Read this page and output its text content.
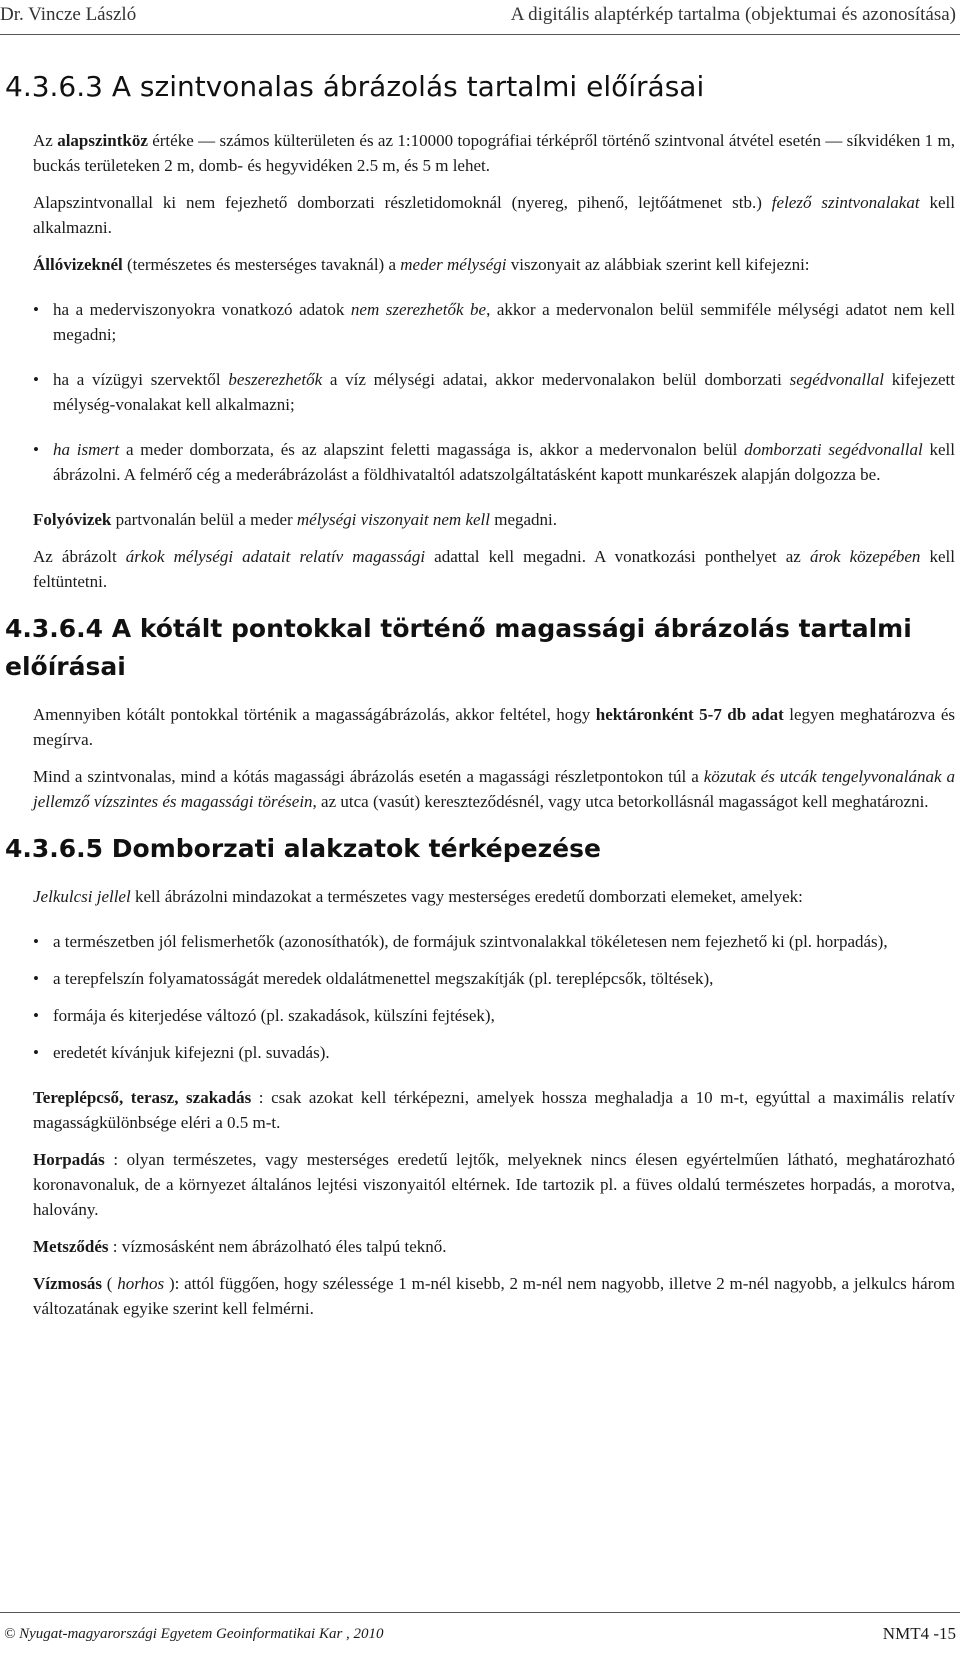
Dr. Vincze László	A digitális alaptérkép tartalma (objektumai és azonosítása)
4.3.6.3 A szintvonalas ábrázolás tartalmi előírásai

Az alapszintköz értéke — számos külterületen és az 1:10000 topográfiai térképről történő szintvonal átvétel esetén — síkvidéken 1 m, buckás területeken 2 m, domb- és hegyvidéken 2.5 m, és 5 m lehet.

Alapszintvonallal ki nem fejezhető domborzati részletidomoknál (nyereg, pihenő, lejtőátmenet stb.) felező szintvonalakat kell alkalmazni.

Állóvizeknél (természetes és mesterséges tavaknál) a meder mélységi viszonyait az alábbiak szerint kell kifejezni:

• ha a mederviszonyokra vonatkozó adatok nem szerezhetők be, akkor a medervonalon belül semmiféle mélységi adatot nem kell megadni;
• ha a vízügyi szervektől beszerezhetők a víz mélységi adatai, akkor medervonalakon belül domborzati segédvonallal kifejezett mélység-vonalakat kell alkalmazni;
• ha ismert a meder domborzata, és az alapszint feletti magassága is, akkor a medervonalon belül domborzati segédvonallal kell ábrázolni. A felmérő cég a mederábrázolást a földhivataltól adatszolgáltatásként kapott munkarészek alapján dolgozza be.

Folyóvizek partvonalán belül a meder mélységi viszonyait nem kell megadni.

Az ábrázolt árkok mélységi adatait relatív magassági adattal kell megadni. A vonatkozási ponthelyet az árok közepében kell feltüntetni.

4.3.6.4 A kótált pontokkal történő magassági ábrázolás tartalmi előírásai

Amennyiben kótált pontokkal történik a magasságábrázolás, akkor feltétel, hogy hektáronként 5-7 db adat legyen meghatározva és megírva.

Mind a szintvonalas, mind a kótás magassági ábrázolás esetén a magassági részletpontokon túl a közutak és utcák tengelyvonalának a jellemző vízszintes és magassági törésein, az utca (vasút) kereszteződésnél, vagy utca betorkollásnál magasságot kell meghatározni.

4.3.6.5 Domborzati alakzatok térképezése

Jelkulcsi jellel kell ábrázolni mindazokat a természetes vagy mesterséges eredetű domborzati elemeket, amelyek:

• a természetben jól felismerhetők (azonosíthatók), de formájuk szintvonalakkal tökéletesen nem fejezhető ki (pl. horpadás),
• a terepfelszín folyamatosságát meredek oldalátmenettel megszakítják (pl. tereplépcsők, töltések),
• formája és kiterjedése változó (pl. szakadások, külszíni fejtések),
• eredetét kívánjuk kifejezni (pl. suvadás).

Tereplépcső, terasz, szakadás : csak azokat kell térképezni, amelyek hossza meghaladja a 10 m-t, egyúttal a maximális relatív magasságkülönbsége eléri a 0.5 m-t.

Horpadás : olyan természetes, vagy mesterséges eredetű lejtők, melyeknek nincs élesen egyértelműen látható, meghatározható koronavonaluk, de a környezet általános lejtési viszonyaitól eltérnek. Ide tartozik pl. a füves oldalú természetes horpadás, a morotva, halovány.

Metsződés : vízmosásként nem ábrázolható éles talpú teknő.

Vízmosás ( horhos ): attól függően, hogy szélessége 1 m-nél kisebb, 2 m-nél nem nagyobb, illetve 2 m-nél nagyobb, a jelkulcs három változatának egyike szerint kell felmérni.

© Nyugat-magyarországi Egyetem Geoinformatikai Kar , 2010	NMT4 -15
